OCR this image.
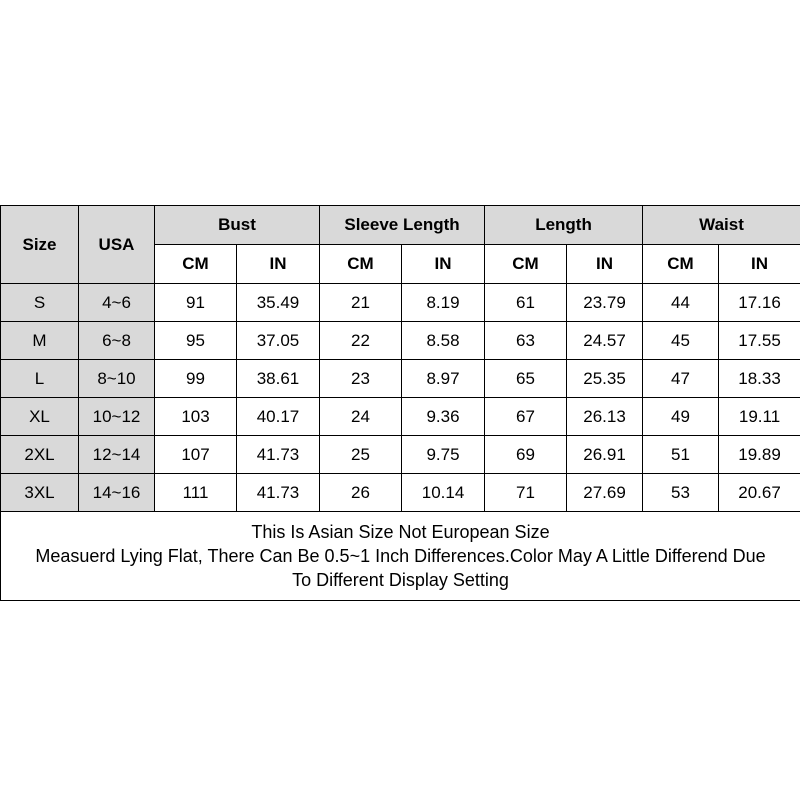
Size	USA	Bust		Sleeve Length		Length		Waist	
		CM	IN	CM	IN	CM	IN	CM	IN
S	4~6	91	35.49	21	8.19	61	23.79	44	17.16
M	6~8	95	37.05	22	8.58	63	24.57	45	17.55
L	8~10	99	38.61	23	8.97	65	25.35	47	18.33
XL	10~12	103	40.17	24	9.36	67	26.13	49	19.11
2XL	12~14	107	41.73	25	9.75	69	26.91	51	19.89
3XL	14~16	111	41.73	26	10.14	71	27.69	53	20.67

This Is Asian Size Not European Size
Measuerd Lying Flat, There Can Be 0.5~1 Inch Differences.Color May A Little Differend Due
To Different Display Setting									
